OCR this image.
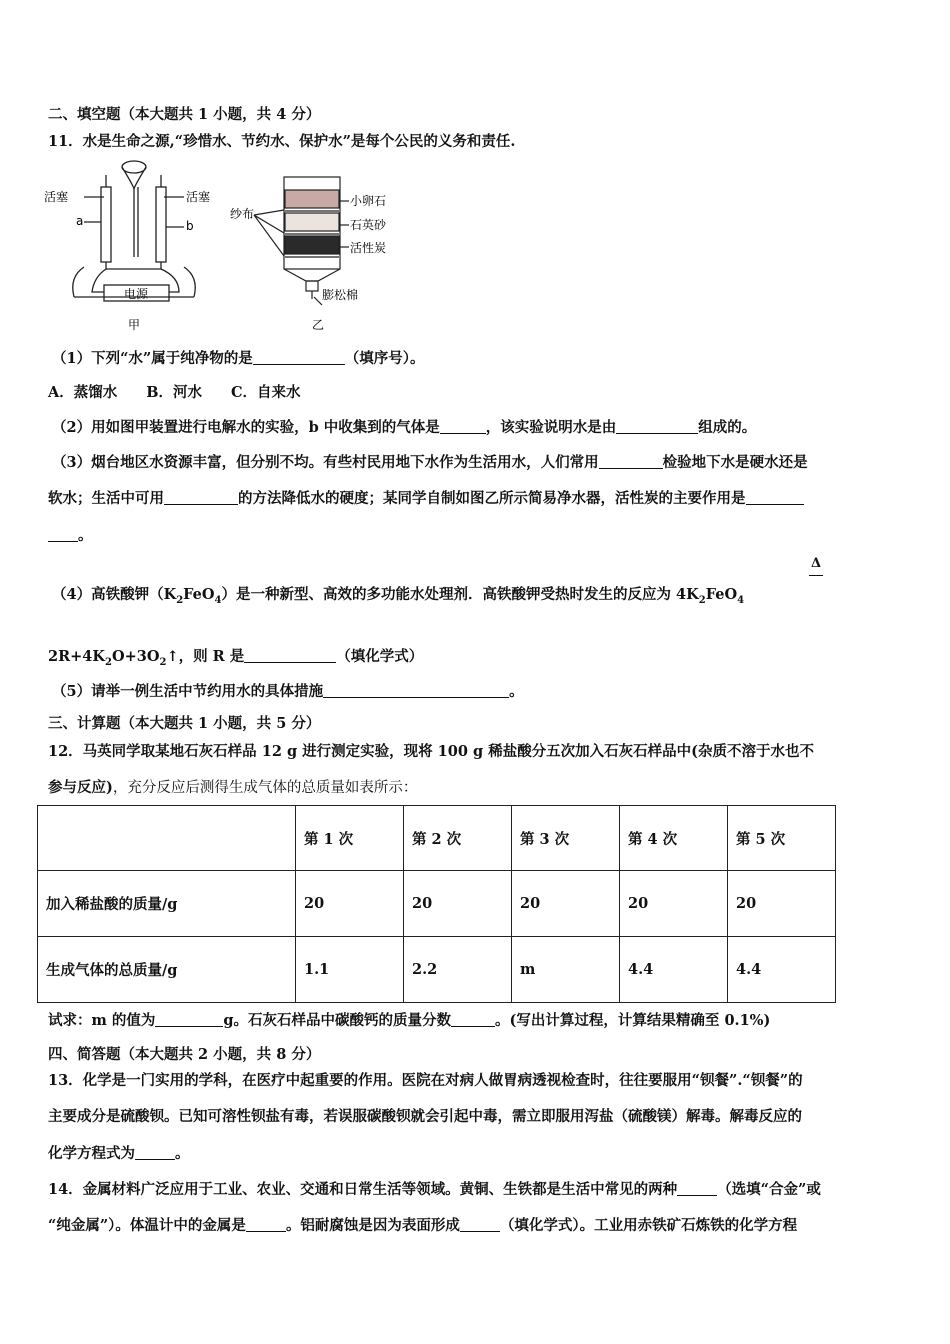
二、填空题（本大题共 1 小题，共 4 分）
11．水是生命之源,“珍惜水、节约水、保护水”是每个公民的义务和责任.
活塞	活塞
a	b
电源
甲
纱布
小卵石
石英砂
活性炭
膨松棉
乙
（1）下列“水”属于纯净物的是	（填序号）。
A．蒸馏水　　B．河水　　C．自来水
（2）用如图甲装置进行电解水的实验，b 中收集到的气体是	，该实验说明水是由	组成的。
（3）烟台地区水资源丰富，但分别不均。有些村民用地下水作为生活用水，人们常用	检验地下水是硬水还是
软水；生活中可用	的方法降低水的硬度；某同学自制如图乙所示简易净水器，活性炭的主要作用是
。
Δ
（4）高铁酸钾$(K_2FeO_4)$是一种新型、高效的多功能水处理剂．高铁酸钾受热时发生的反应为 $4K_2FeO_4$
$2R+4K_2O+3O_2↑$，则 R 是	（填化学式）
（5）请举一例生活中节约用水的具体措施	。
三、计算题（本大题共 1 小题，共 5 分）
12．马英同学取某地石灰石样品 12 g 进行测定实验，现将 100 g 稀盐酸分五次加入石灰石样品中(杂质不溶于水也不
参与反应)，充分反应后测得生成气体的总质量如表所示：
	第 1 次	第 2 次	第 3 次	第 4 次	第 5 次
加入稀盐酸的质量/g	20	20	20	20	20
生成气体的总质量/g	1.1	2.2	m	4.4	4.4
试求：m 的值为	g。石灰石样品中碳酸钙的质量分数	。(写出计算过程，计算结果精确至 0.1%)
四、简答题（本大题共 2 小题，共 8 分）
13．化学是一门实用的学科，在医疗中起重要的作用。医院在对病人做胃病透视检查时，往往要服用“钡餐”.“钡餐”的
主要成分是硫酸钡。已知可溶性钡盐有毒，若误服碳酸钡就会引起中毒，需立即服用泻盐（硫酸镁）解毒。解毒反应的
化学方程式为	。
14．金属材料广泛应用于工业、农业、交通和日常生活等领域。黄铜、生铁都是生活中常见的两种	（选填“合金”或
“纯金属”）。体温计中的金属是	。铝耐腐蚀是因为表面形成	（填化学式）。工业用赤铁矿石炼铁的化学方程
